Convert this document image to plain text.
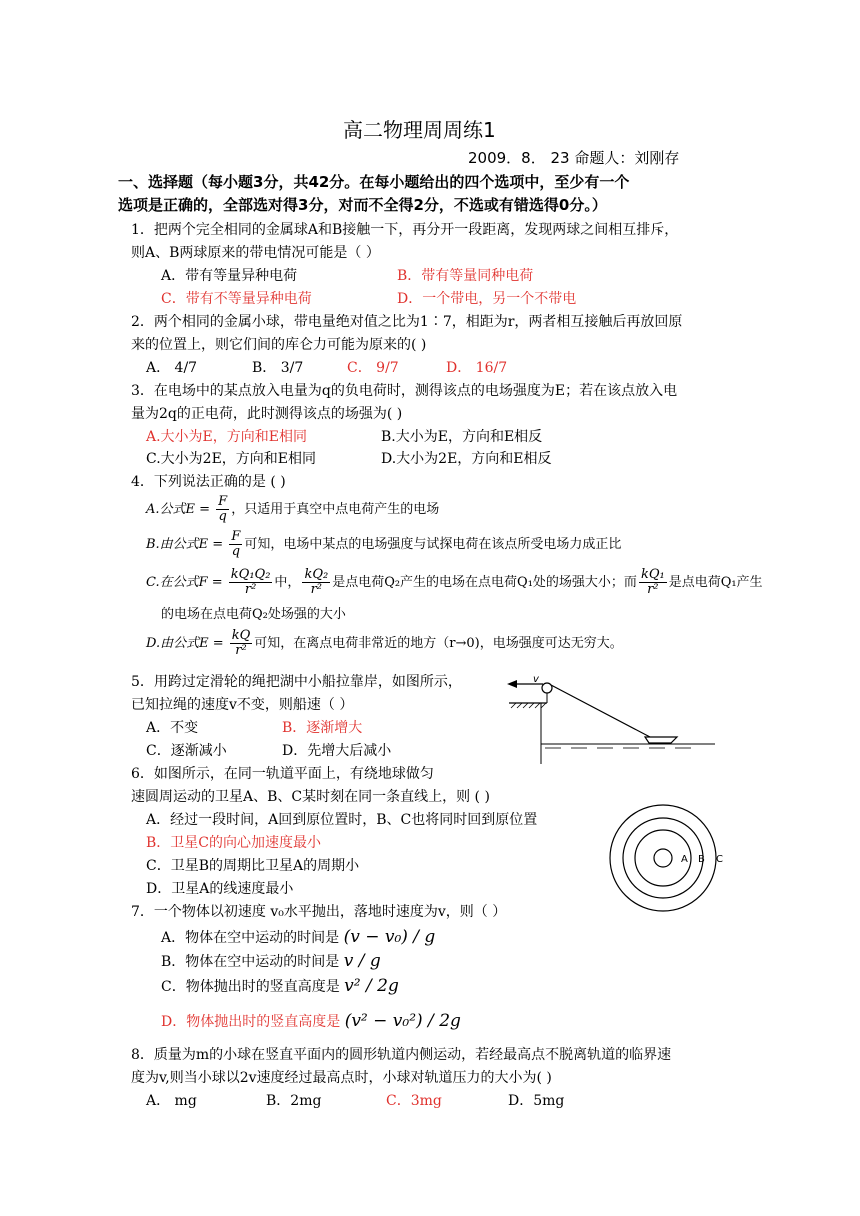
高二物理周周练1
2009．8． 23 命题人：刘刚存
一、选择题（每小题3分，共42分。在每小题给出的四个选项中，至少有一个
选项是正确的，全部选对得3分，对而不全得2分，不选或有错选得0分。）
1．把两个完全相同的金属球A和B接触一下，再分开一段距离，发现两球之间相互排斥，
则A、B两球原来的带电情况可能是（ ）
A．带有等量异种电荷	B．带有等量同种电荷
C．带有不等量异种电荷	D．一个带电，另一个不带电
2．两个相同的金属小球，带电量绝对值之比为1∶7，相距为r，两者相互接触后再放回原
来的位置上，则它们间的库仑力可能为原来的( )
A． 4/7	B． 3/7	C． 9/7	D． 16/7
3．在电场中的某点放入电量为q的负电荷时，测得该点的电场强度为E；若在该点放入电
量为2q的正电荷，此时测得该点的场强为( )
A.大小为E，方向和E相同	B.大小为E，方向和E相反
C.大小为2E，方向和E相同	D.大小为2E，方向和E相反
4．下列说法正确的是 ( )
A.公式$E = \frac{F}{q}$ ，只适用于真空中点电荷产生的电场
B.由公式$E = \frac{F}{q}$ 可知，电场中某点的电场强度与试探电荷在该点所受电场力成正比
C.在公式$F = \frac{\text{kQ₁Q₂}}{\text{r²}}$ 中， $\frac{\text{kQ₂}}{\text{r²}}$ 是点电荷Q₂产生的电场在点电荷Q₁处的场强大小；而 $\frac{\text{kQ₁}}{\text{r²}}$ 是点电荷Q₁产生
的电场在点电荷Q₂处场强的大小
D.由公式$E = \frac{kQ}{\text{r²}}$ 可知，在离点电荷非常近的地方（r→0)，电场强度可达无穷大。
5．用跨过定滑轮的绳把湖中小船拉靠岸，如图所示，
已知拉绳的速度v不变，则船速（ ）
A．不变	B．逐渐增大
C．逐渐减小	D．先增大后减小
v
6．如图所示，在同一轨道平面上，有绕地球做匀
速圆周运动的卫星A、B、C某时刻在同一条直线上，则 ( )
A．经过一段时间，A回到原位置时，B、C也将同时回到原位置
B．卫星C的向心加速度最小
C．卫星B的周期比卫星A的周期小
D．卫星A的线速度最小
A B C
7．一个物体以初速度 v₀水平抛出，落地时速度为v，则（ ）
A．物体在空中运动的时间是 (v − v₀) / g
B．物体在空中运动的时间是 v / g
C．物体抛出时的竖直高度是 v² / 2g
D．物体抛出时的竖直高度是 (v² − v₀²) / 2g
8．质量为m的小球在竖直平面内的圆形轨道内侧运动，若经最高点不脱离轨道的临界速
度为v,则当小球以2v速度经过最高点时，小球对轨道压力的大小为( )
A． mg	B．2mg	C．3mg	D．5mg
